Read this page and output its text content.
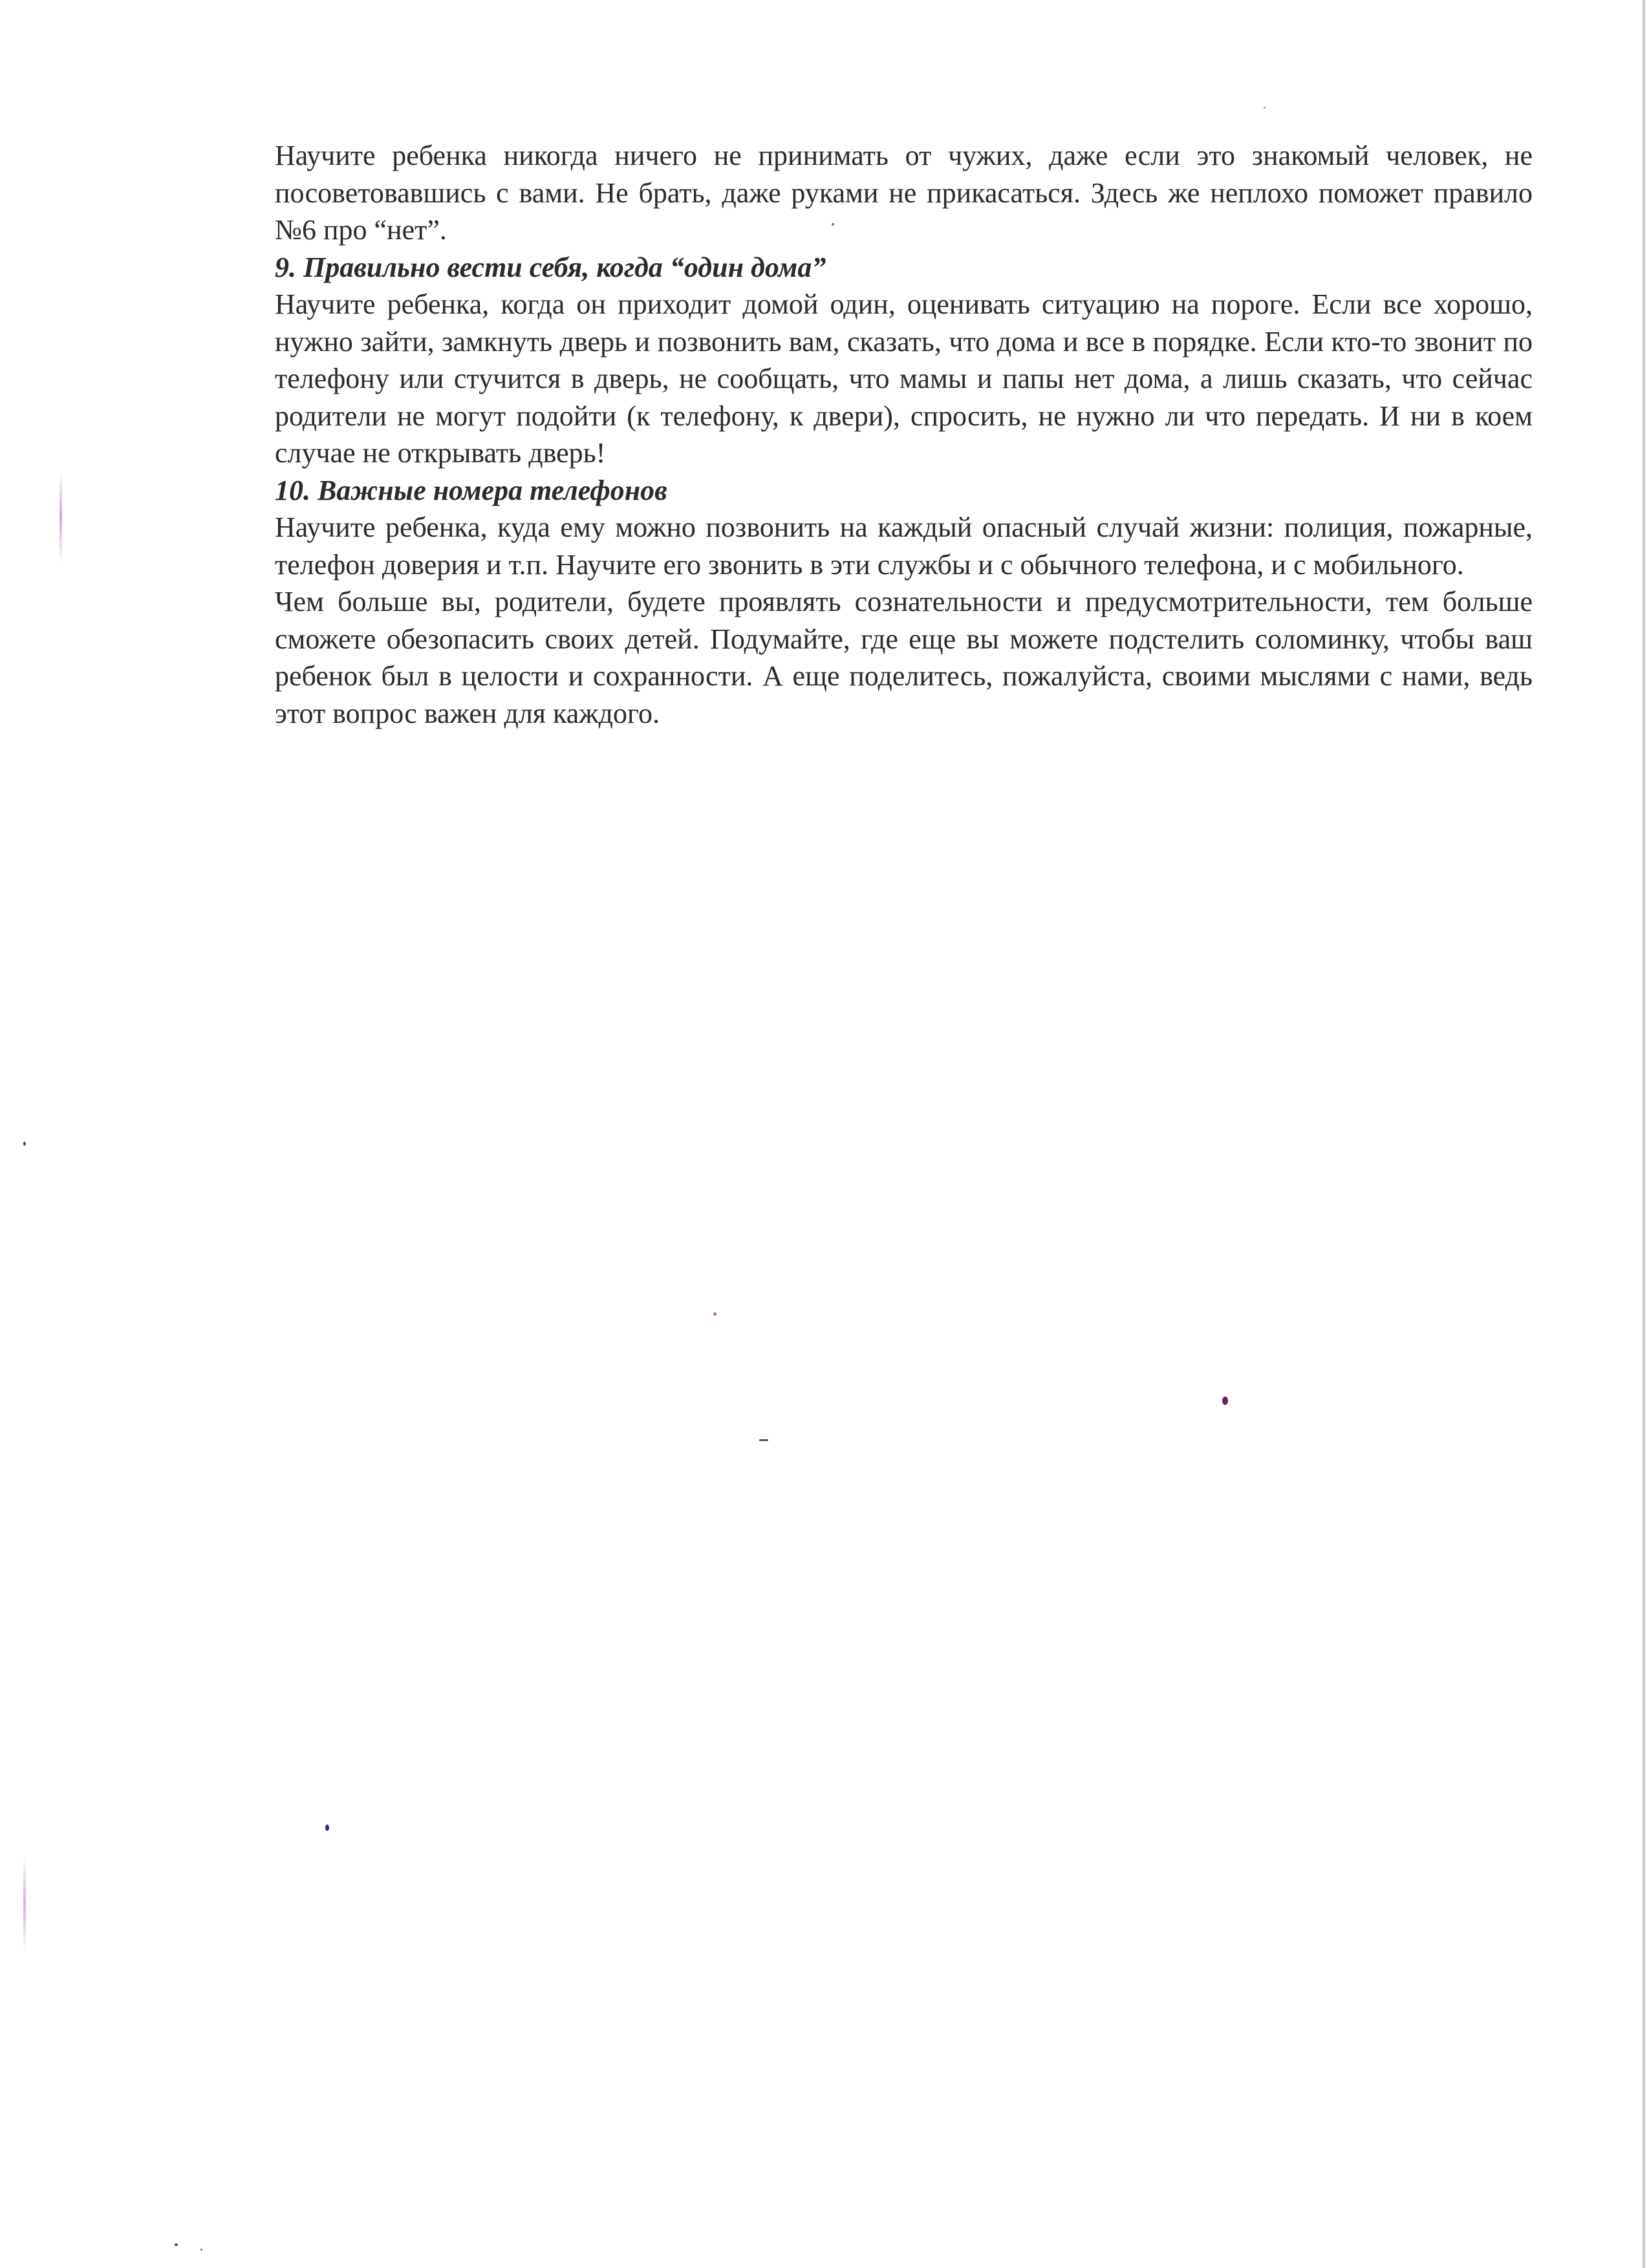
Научите ребенка никогда ничего не принимать от чужих, даже если это знакомый человек, не посоветовавшись с вами. Не брать, даже руками не прикасаться. Здесь же неплохо поможет правило №6 про “нет”.

9. Правильно вести себя, когда “один дома”

Научите ребенка, когда он приходит домой один, оценивать ситуацию на пороге. Если все хорошо, нужно зайти, замкнуть дверь и позвонить вам, сказать, что дома и все в порядке. Если кто-то звонит по телефону или стучится в дверь, не сообщать, что мамы и папы нет дома, а лишь сказать, что сейчас родители не могут подойти (к телефону, к двери), спросить, не нужно ли что передать. И ни в коем случае не открывать дверь!

10. Важные номера телефонов

Научите ребенка, куда ему можно позвонить на каждый опасный случай жизни: полиция, пожарные, телефон доверия и т.п. Научите его звонить в эти службы и с обычного телефона, и с мобильного.

Чем больше вы, родители, будете проявлять сознательности и предусмотрительности, тем больше сможете обезопасить своих детей. Подумайте, где еще вы можете подстелить соломинку, чтобы ваш ребенок был в целости и сохранности. А еще поделитесь, пожалуйста, своими мыслями с нами, ведь этот вопрос важен для каждого.
